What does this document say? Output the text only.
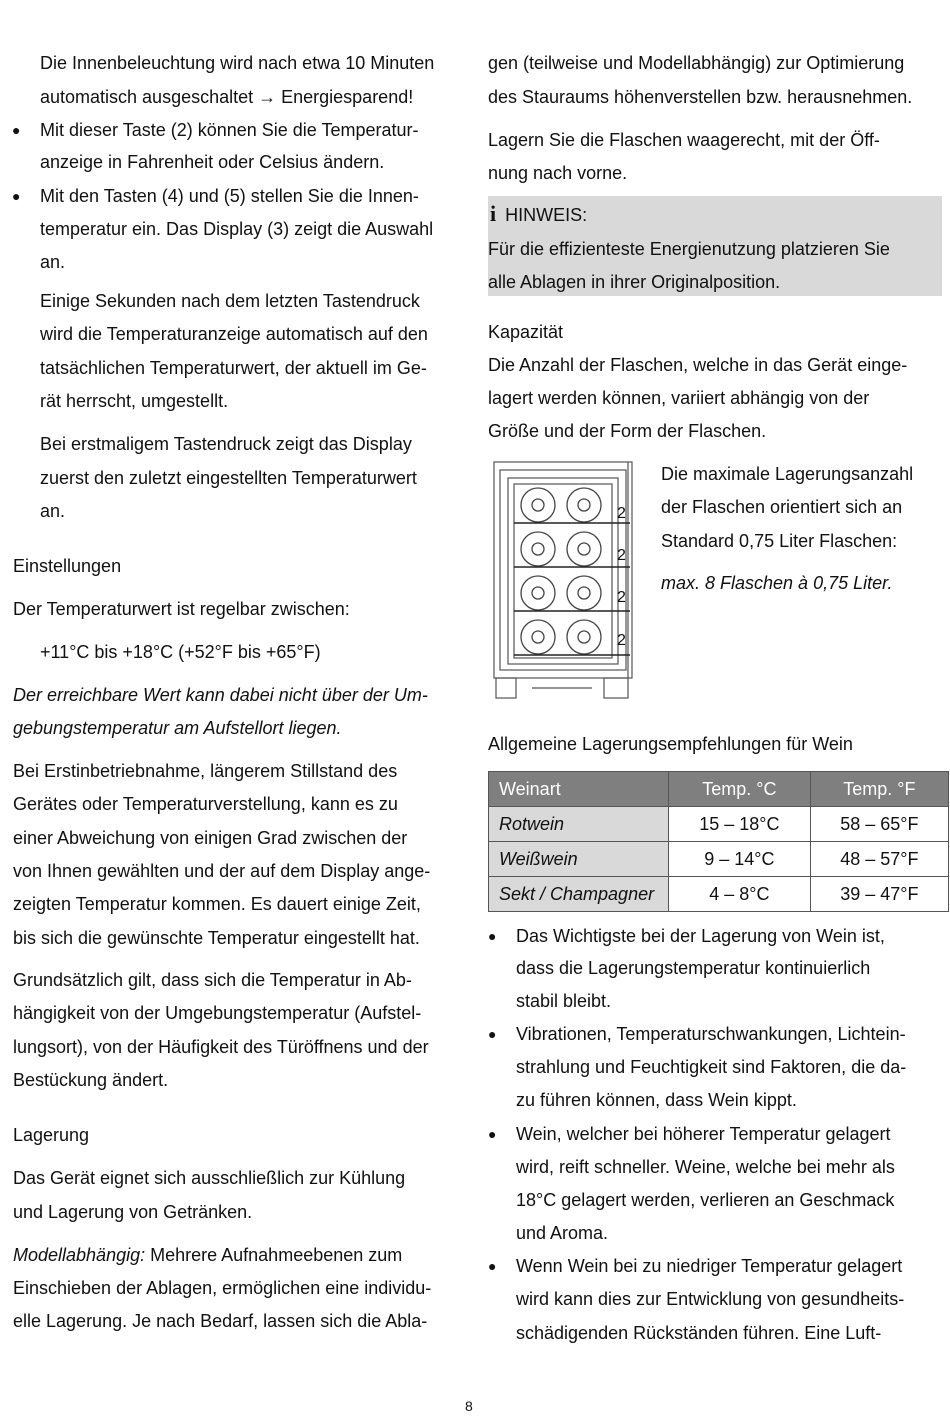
Die Innenbeleuchtung wird nach etwa 10 Minuten
automatisch ausgeschaltet → Energiesparend!
● Mit dieser Taste (2) können Sie die Temperatur-
anzeige in Fahrenheit oder Celsius ändern.
● Mit den Tasten (4) und (5) stellen Sie die Innen-
temperatur ein. Das Display (3) zeigt die Auswahl
an.
Einige Sekunden nach dem letzten Tastendruck
wird die Temperaturanzeige automatisch auf den
tatsächlichen Temperaturwert, der aktuell im Ge-
rät herrscht, umgestellt.
Bei erstmaligem Tastendruck zeigt das Display
zuerst den zuletzt eingestellten Temperaturwert
an.
Einstellungen
Der Temperaturwert ist regelbar zwischen:
+11°C bis +18°C (+52°F bis +65°F)
Der erreichbare Wert kann dabei nicht über der Um-
gebungstemperatur am Aufstellort liegen.
Bei Erstinbetriebnahme, längerem Stillstand des
Gerätes oder Temperaturverstellung, kann es zu
einer Abweichung von einigen Grad zwischen der
von Ihnen gewählten und der auf dem Display ange-
zeigten Temperatur kommen. Es dauert einige Zeit,
bis sich die gewünschte Temperatur eingestellt hat.
Grundsätzlich gilt, dass sich die Temperatur in Ab-
hängigkeit von der Umgebungstemperatur (Aufstel-
lungsort), von der Häufigkeit des Türöffnens und der
Bestückung ändert.
Lagerung
Das Gerät eignet sich ausschließlich zur Kühlung
und Lagerung von Getränken.
Modellabhängig: Mehrere Aufnahmeebenen zum
Einschieben der Ablagen, ermöglichen eine individu-
elle Lagerung. Je nach Bedarf, lassen sich die Abla-
gen (teilweise und Modellabhängig) zur Optimierung
des Stauraums höhenverstellen bzw. herausnehmen.
Lagern Sie die Flaschen waagerecht, mit der Öff-
nung nach vorne.
i HINWEIS:
Für die effizienteste Energienutzung platzieren Sie
alle Ablagen in ihrer Originalposition.
Kapazität
Die Anzahl der Flaschen, welche in das Gerät einge-
lagert werden können, variiert abhängig von der
Größe und der Form der Flaschen.
2
2
2
2
Die maximale Lagerungsanzahl
der Flaschen orientiert sich an
Standard 0,75 Liter Flaschen:
max. 8 Flaschen à 0,75 Liter.
Allgemeine Lagerungsempfehlungen für Wein
Weinart	Temp. °C	Temp. °F
Rotwein	15 – 18°C	58 – 65°F
Weißwein	9 – 14°C	48 – 57°F
Sekt / Champagner	4 – 8°C	39 – 47°F
● Das Wichtigste bei der Lagerung von Wein ist,
dass die Lagerungstemperatur kontinuierlich
stabil bleibt.
● Vibrationen, Temperaturschwankungen, Lichtein-
strahlung und Feuchtigkeit sind Faktoren, die da-
zu führen können, dass Wein kippt.
● Wein, welcher bei höherer Temperatur gelagert
wird, reift schneller. Weine, welche bei mehr als
18°C gelagert werden, verlieren an Geschmack
und Aroma.
● Wenn Wein bei zu niedriger Temperatur gelagert
wird kann dies zur Entwicklung von gesundheits-
schädigenden Rückständen führen. Eine Luft-
8
